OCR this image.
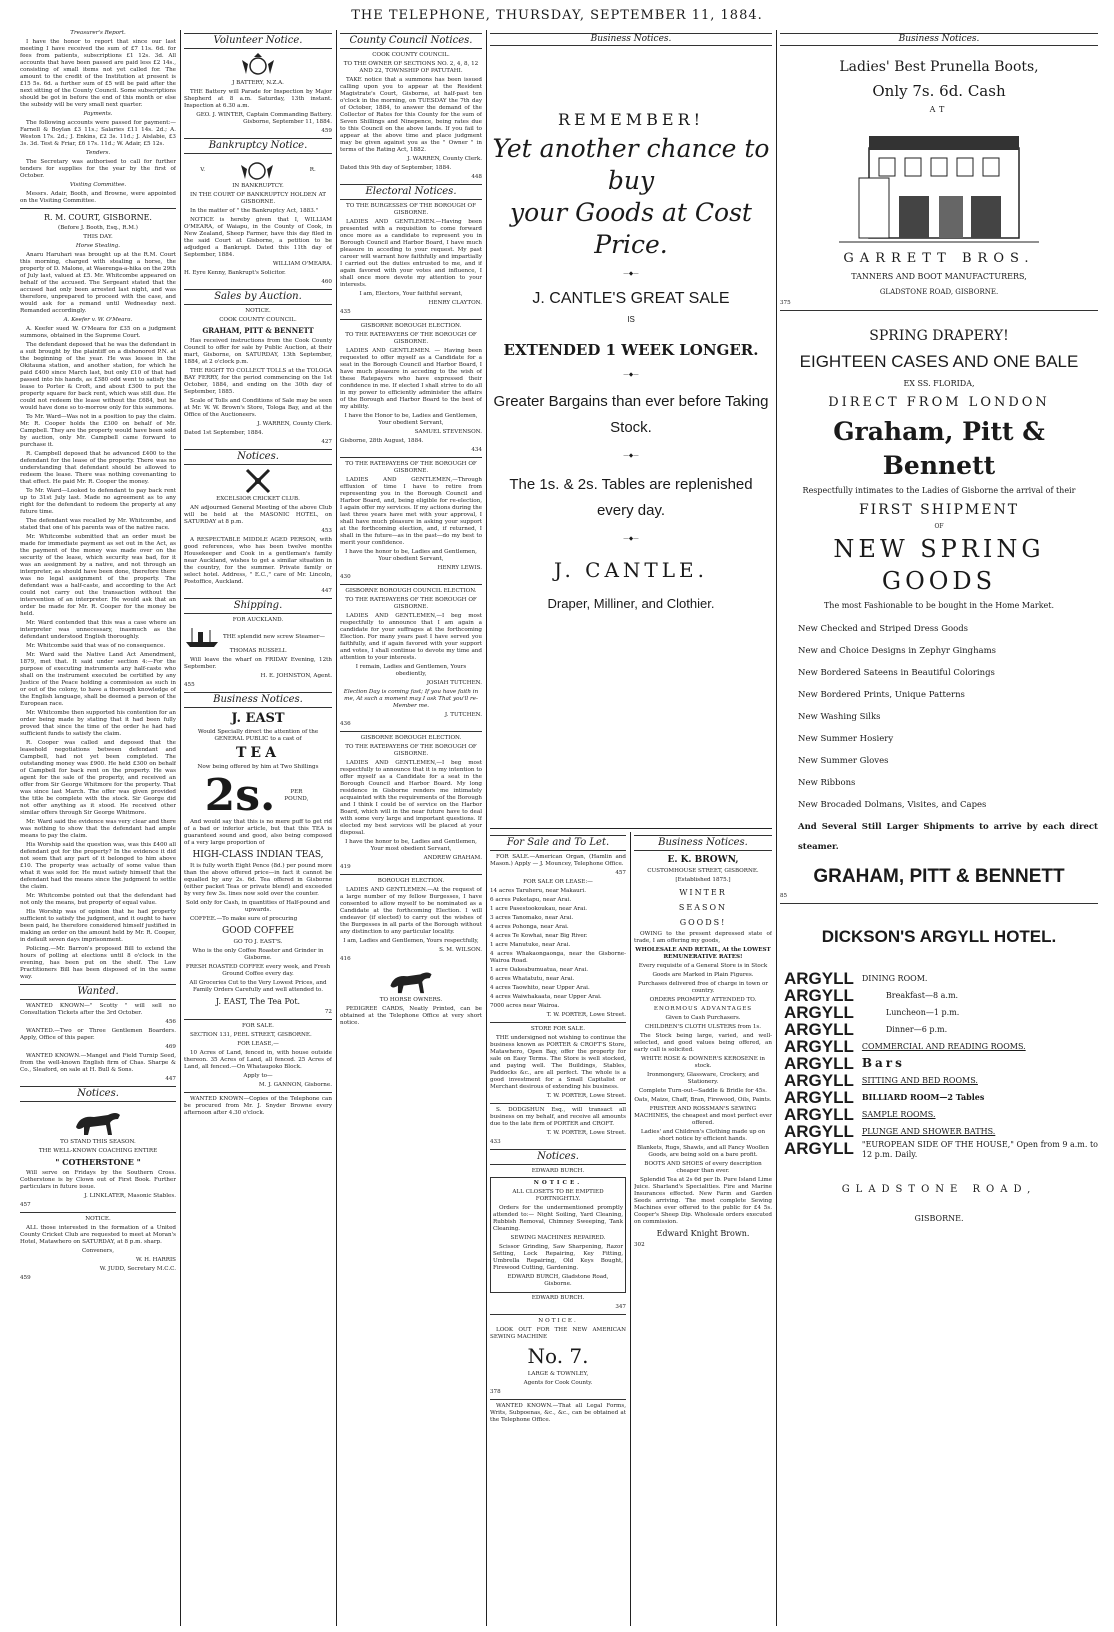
THE TELEPHONE, THURSDAY, SEPTEMBER 11, 1884.

Treasurer's Report.

I have the honor to report that since our last meeting I have received the sum of £7 11s. 6d. for fees from patients, subscriptions £1 12s. 3d. All accounts that have been passed are paid less £2 14s., consisting of small items not yet called for. The amount to the credit of the Institution at present is £15 5s. 6d. a further sum of £5 will be paid after the next sitting of the County Council. Some subscriptions should be got in before the end of this month or else the subsidy will be very small next quarter.

Payments.

The following accounts were passed for payment:—Farnell & Boylan £3 11s.; Salaries £11 14s. 2d.; A. Weston 17s. 2d.; J. Enkins, £2 3s. 11d.; J. Aislabie, £3 3s. 3d. Test & Friar, £6 17s. 11d.; W. Adair, £5 12s.

Tenders.

The Secretary was authorised to call for further tenders for supplies for the year by the first of October.

Visiting Committee.

Messrs. Adair, Booth, and Browne, were appointed on the Visiting Committee.

R. M. COURT, GISBORNE.

(Before J. Booth, Esq., R.M.)

THIS DAY.

Horse Stealing.

Anaru Haruhari was brought up at the R.M. Court this morning, charged with stealing a horse, the property of D. Malone, at Waerenga-a-hika on the 29th of July last, valued at £5. Mr. Whitcombe appeared on behalf of the accused. The Sergeant stated that the accused had only been arrested last night, and was therefore, unprepared to proceed with the case, and would ask for a remand until Wednesday next. Remanded accordingly.

A. Keefer v. W. O'Meara.

A. Keefer sued W. O'Meara for £35 on a judgment summons, obtained in the Supreme Court.

The defendant deposed that he was the defendant in a suit brought by the plaintiff on a dishonored P.N. at the beginning of the year. He was lessee in the Okitauna station, and another station, for which he paid £400 since March last, but only £10 of that had passed into his hands, as £380 odd went to satisfy the lease to Porter & Croft, and about £300 to put the property square for back rent, which was still due. He could not redeem the lease without the £684, but he would have done so to-morrow only for this summons.

To Mr. Ward—Was not in a position to pay the claim. Mr. R. Cooper holds the £300 on behalf of Mr. Campbell. They are the property would have been sold by auction, only Mr. Campbell came forward to purchase it.

R. Campbell deposed that he advanced £400 to the defendant for the lease of the property. There was no understanding that defendant should be allowed to redeem the lease. There was nothing covenanting to that effect. He paid Mr. R. Cooper the money.

To Mr. Ward—Looked to defendant to pay back rent up to 31st July last. Made no agreement as to any right for the defendant to redeem the property at any future time.

The defendant was recalled by Mr. Whitcombe, and stated that one of his parents was of the native race.

Mr. Whitcombe submitted that an order must be made for immediate payment as set out in the Act, as the payment of the money was made over on the security of the lease, which security was bad, for it was an assignment by a native, and not through an interpreter, as should have been done, therefore there was no legal assignment of the property. The defendant was a half-caste, and according to the Act could not carry out the transaction without the intervention of an interpreter. He would ask that an order be made for Mr. R. Cooper for the money be held.

Mr. Ward contended that this was a case where an interpreter was unnecessary, inasmuch as the defendant understood English thoroughly.

Mr. Whitcombe said that was of no consequence.

Mr. Ward said the Native Land Act Amendment, 1879, met that. It said under section 4:—For the purpose of executing instruments any half-caste who shall on the instrument executed be certified by any Justice of the Peace holding a commission as such in or out of the colony, to have a thorough knowledge of the English language, shall be deemed a person of the European race.

Mr. Whitcombe then supported his contention for an order being made by stating that it had been fully proved that since the time of the order he had had sufficient funds to satisfy the claim.

R. Cooper was called and deposed that the leasehold negotiations between defendant and Campbell, had not yet been completed. The outstanding money was £900. He held £300 on behalf of Campbell for back rent on the property. He was agent for the sale of the property, and received an offer from Sir George Whitmore for the property. That was since last March. The offer was given provided the title be complete with the stock. Sir George did not offer anything as it stood. He received other similar offers through Sir George Whitmore.

Mr. Ward said the evidence was very clear and there was nothing to show that the defendant had ample means to pay the claim.

His Worship said the question was, was this £400 all defendant got for the property? In the evidence it did not seem that any part of it belonged to him above £10. The property was actually of some value than what it was sold for. He must satisfy himself that the defendant had the means since the judgment to settle the claim.

Mr. Whitcombe pointed out that the defendant had not only the means, but property of equal value.

His Worship was of opinion that he had property sufficient to satisfy the judgment, and it ought to have been paid, he therefore considered himself justified in making an order on the amount held by Mr. R. Cooper, in default seven days imprisonment.

Policing.—Mr. Barron's proposed Bill to extend the hours of polling at elections until 8 o'clock in the evening, has been put on the shelf. The Law Practitioners Bill has been disposed of in the same way.

Wanted.

WANTED KNOWN—" Scotty " will sell no Consultation Tickets after the 3rd October.

456

WANTED.—Two or Three Gentlemen Boarders. Apply, Office of this paper.

469

WANTED KNOWN.—Mangel and Field Turnip Seed, from the well-known English firm of Chas. Sharpe & Co., Sleaford, on sale at H. Bull & Sons.

447

Notices.

TO STAND THIS SEASON.

THE WELL-KNOWN COACHING ENTIRE

" COTHERSTONE "

Will serve on Fridays by the Southern Cross. Cotherstone is by Clown out of First Book. Further particulars in future issue.

J. LINKLATER, Masonic Stables.

457

NOTICE.

ALL those interested in the formation of a United County Cricket Club are requested to meet at Moran's Hotel, Matawhero on SATURDAY, at 8 p.m. sharp.

Conveners,

W. H. HARRIS

W. JUDD, Secretary M.C.C.

459

Volunteer Notice.

J BATTERY, N.Z.A.

THE Battery will Parade for Inspection by Major Shepherd at 8 a.m. Saturday, 13th instant. Inspection at 6.30 a.m.

GEO. J. WINTER, Captain Commanding Battery. Gisborne, September 11, 1884.

459

Bankruptcy Notice.
V.	R.

IN BANKRUPTCY.

IN THE COURT OF BANKRUPTCY HOLDEN AT GISBORNE.

In the matter of " the Bankruptcy Act, 1883."

NOTICE is hereby given that I, WILLIAM O'MEARA, of Waiapu, in the County of Cook, in New Zealand, Sheep Farmer, have this day filed in the said Court at Gisborne, a petition to be adjudged a Bankrupt. Dated this 11th day of September, 1884.

WILLIAM O'MEARA.

H. Eyre Kenny, Bankrupt's Solicitor.

460

Sales by Auction.

NOTICE.

COOK COUNTY COUNCIL.

GRAHAM, PITT & BENNETT

Has received instructions from the Cook County Council to offer for sale by Public Auction, at their mart, Gisborne, on SATURDAY, 13th September, 1884, at 2 o'clock p.m.

THE RIGHT TO COLLECT TOLLS at the TOLOGA BAY FERRY, for the period commencing on the 1st October, 1884, and ending on the 30th day of September, 1885.

Scale of Tolls and Conditions of Sale may be seen at Mr. W. W. Brown's Store, Tologa Bay, and at the Office of the Auctioneers.

J. WARREN, County Clerk.

Dated 1st September, 1884.

427

Notices.

EXCELSIOR CRICKET CLUB.

AN adjourned General Meeting of the above Club will be held at the MASONIC HOTEL, on SATURDAY at 8 p.m.

453

A RESPECTABLE MIDDLE AGED PERSON, with good references, who has been twelve months Housekeeper and Cook in a gentleman's family near Auckland, wishes to get a similar situation in the country, for the summer. Private family or select hotel. Address, " E.C.," care of Mr. Lincoln, Postoffice, Auckland.

447

Shipping.

FOR AUCKLAND.

THE splendid new screw Steamer—

THOMAS RUSSELL

Will leave the wharf on FRIDAY Evening, 12th September.

H. E. JOHNSTON, Agent.

455

Business Notices.

J. EAST

Would Specially direct the attention of the GENERAL PUBLIC to a cast of

TEA

Now being offered by him at Two Shillings

2s.	PER POUND,

And would say that this is no mere puff to get rid of a bad or inferior article, but that this TEA is guaranteed sound and good, also being composed of a very large proportion of

HIGH-CLASS INDIAN TEAS,

It is fully worth Eight Pence (8d.) per pound more than the above offered price—in fact it cannot be equalled by any 2s. 6d. Tea offered in Gisborne (either packet Teas or private blend) and exceeded by very few 3s. lines now sold over the counter.

Sold only for Cash, in quantities of Half-pound and upwards.

COFFEE.—To make sure of procuring

GOOD COFFEE

GO TO J. EAST'S.

Who is the only Coffee Roaster and Grinder in Gisborne.

FRESH ROASTED COFFEE every week, and Fresh Ground Coffee every day.

All Groceries Cut to the Very Lowest Prices, and Family Orders Carefully and well attended to.

J. EAST, The Tea Pot.

72

FOR SALE.

SECTION 131, PEEL STREET, GISBORNE.

FOR LEASE,—

10 Acres of Land, fenced in, with house outside thereon. 35 Acres of Land, all fenced. 25 Acres of Land, all fenced.—On Whataupoko Block.

Apply to—

M. J. GANNON, Gisborne.

WANTED KNOWN—Copies of the Telephone can be procured from Mr. J. Snyder Browne every afternoon after 4.30 o'clock.

County Council Notices.

COOK COUNTY COUNCIL.

TO THE OWNER OF SECTIONS NO. 2, 4, 8, 12 AND 22, TOWNSHIP OF PATUTAHI.

TAKE notice that a summons has been issued calling upon you to appear at the Resident Magistrate's Court, Gisborne, at half-past ten o'clock in the morning, on TUESDAY the 7th day of October, 1884, to answer the demand of the Collector of Rates for this County for the sum of Seven Shillings and Ninepence, being rates due to this Council on the above lands. If you fail to appear at the above time and place judgment may be given against you as the " Owner " in terms of the Rating Act, 1882.

J. WARREN, County Clerk.

Dated this 9th day of September, 1884.

448

Electoral Notices.

TO THE BURGESSES OF THE BOROUGH OF GISBORNE.

LADIES AND GENTLEMEN.—Having been presented with a requisition to come forward once more as a candidate to represent you in Borough Council and Harbor Board, I have much pleasure in acceding to your request. My past career will warrant how faithfully and impartially I carried out the duties entrusted to me, and if again favored with your votes and influence, I shall once more devote my attention to your interests.

I am, Electors, Your faithful servant,

HENRY CLAYTON.

435

GISBORNE BOROUGH ELECTION.

TO THE RATEPAYERS OF THE BOROUGH OF GISBORNE.

LADIES AND GENTLEMEN. — Having been requested to offer myself as a Candidate for a seat in the Borough Council and Harbor Board, I have much pleasure in acceding to the wish of these Ratepayers who have expressed their confidence in me. If elected I shall strive to do all in my power to efficiently administer the affairs of the Borough and Harbor Board to the best of my ability.

I have the Honor to be, Ladies and Gentlemen, Your obedient Servant,

SAMUEL STEVENSON.

Gisborne, 28th August, 1884.

434

TO THE RATEPAYERS OF THE BOROUGH OF GISBORNE.

LADIES AND GENTLEMEN,—Through effluxion of time I have to retire from representing you in the Borough Council and Harbor Board, and, being eligible for re-election, I again offer my services. If my actions during the last three years have met with your approval, I shall have much pleasure in asking your support at the forthcoming election, and, if returned, I shall in the future—as in the past—do my best to merit your confidence.

I have the honor to be, Ladies and Gentlemen, Your obedient Servant,

HENRY LEWIS.

430

GISBORNE BOROUGH COUNCIL ELECTION.

TO THE RATEPAYERS OF THE BOROUGH OF GISBORNE.

LADIES AND GENTLEMEN,—I beg most respectfully to announce that I am again a candidate for your suffrages at the forthcoming Election. For many years past I have served you faithfully, and if again favored with your support and votes, I shall continue to devote my time and attention to your interests.

I remain, Ladies and Gentlemen, Yours obediently,

JOSIAH TUTCHEN.

Election Day is coming fast; If you have faith in me, At such a moment may I ask That you'll re-Member me.

J. TUTCHEN.

436

GISBORNE BOROUGH ELECTION.

TO THE RATEPAYERS OF THE BOROUGH OF GISBORNE.

LADIES AND GENTLEMEN,—I beg most respectfully to announce that it is my intention to offer myself as a Candidate for a seat in the Borough Council and Harbor Board. My long residence in Gisborne renders me intimately acquainted with the requirements of the Borough and I think I could be of service on the Harbor Board, which will in the near future have to deal with some very large and important questions. If elected my best services will be placed at your disposal.

I have the honor to be, Ladies and Gentlemen, Your most obedient Servant,

ANDREW GRAHAM.

419

BOROUGH ELECTION.

LADIES AND GENTLEMEN.—At the request of a large number of my fellow Burgesses, I have consented to allow myself to be nominated as a Candidate at the forthcoming Election. I will endeavor (if elected) to carry out the wishes of the Burgesses in all parts of the Borough without any distinction to any particular locality.

I am, Ladies and Gentlemen, Yours respectfully,

S. M. WILSON.

416

TO HORSE OWNERS.

PEDIGREE CARDS, Neatly Printed, can be obtained at the Telephone Office at very short notice.

Business Notices.
REMEMBER!
Yet another chance to buy
your Goods at Cost Price.
—◆—
J. CANTLE'S GREAT SALE
IS
EXTENDED 1 WEEK LONGER.
—◆—
Greater Bargains than ever before Taking Stock.
—◆—
The 1s. & 2s. Tables are replenished every day.
—◆—
J. CANTLE.
Draper, Milliner, and Clothier.
For Sale and To Let.

FOR SALE.—American Organ, (Hamlin and Mason.) Apply — J. Mouncey, Telephone Office.

457

FOR SALE OR LEASE:—

14 acres Taruheru, near Makauri.

6 acres Puketapu, near Arai.

1 acre Pasestookoukau, near Arai.

3 acres Tanomako, near Arai.

4 acres Pohonga, near Arai.

4 acres Te Kowhai, near Big River.

1 acre Manutuke, near Arai.

4 acres Whakaongaonga, near the Gisborne-Wairoa Road.

1 acre Oakeabumuatua, near Arai.

6 acres Whatatutu, near Arai.

4 acres Taowhito, near Upper Arai.

4 acres Waiwhakaata, near Upper Arai.

7000 acres near Wairoa.

T. W. PORTER, Lowe Street.

STORE FOR SALE.

THE undersigned not wishing to continue the business known as PORTER & CROFT'S Store, Matawhero, Open Bay, offer the property for sale on Easy Terms. The Store is well stocked, and paying well. The Buildings, Stables, Paddocks &c., are all perfect. The whole is a good investment for a Small Capitalist or Merchant desirous of extending his business.

T. W. PORTER, Lowe Street.

S. DODGSHUN Esq., will transact all business on my behalf, and receive all amounts due to the late firm of PORTER and CROFT.

T. W. PORTER, Lowe Street.

433

Notices.

EDWARD BURCH.

NOTICE.

ALL CLOSETS TO BE EMPTIED FORTNIGHTLY.

Orders for the undermentioned promptly attended to:— Night Soiling, Yard Cleaning, Rubbish Removal, Chimney Sweeping, Tank Cleaning.

SEWING MACHINES REPAIRED.

Scissor Grinding, Saw Sharpening, Razor Setting, Lock Repairing, Key Fitting, Umbrella Repairing, Old Keys Bought, Firewood Cutting, Gardening.

EDWARD BURCH, Gladstone Road, Gisborne.

EDWARD BURCH.

347

NOTICE.

LOOK OUT FOR THE NEW AMERICAN SEWING MACHINE

No. 7.

LARGE & TOWNLEY,

Agents for Cook County.

378

WANTED KNOWN.—That all Legal Forms, Writs, Subpoenas, &c., &c., can be obtained at the Telephone Office.

Business Notices.

E. K. BROWN,

CUSTOMHOUSE STREET, GISBORNE.

[Established 1875.]

WINTER

SEASON

GOODS!

OWING to the present depressed state of trade, I am offering my goods,

WHOLESALE AND RETAIL, At the LOWEST REMUNERATIVE RATES!

Every requisite of a General Store is in Stock

Goods are Marked in Plain Figures.

Purchases delivered free of charge in town or country.

ORDERS PROMPTLY ATTENDED TO.

ENORMOUS ADVANTAGES

Given to Cash Purchasers.

CHILDREN'S CLOTH ULSTERS from 1s.

The Stock being large, varied, and well-selected, and good values being offered, an early call is solicited.

WHITE ROSE & DOWNER'S KEROSENE in stock.

Ironmongery, Glassware, Crockery, and Stationery.

Complete Turn-out—Saddle & Bridle for 45s.

Oats, Maize, Chaff, Bran, Firewood, Oils, Paints.

FRISTER AND ROSSMAN'S SEWING MACHINES, the cheapest and most perfect ever offered.

Ladies' and Children's Clothing made up on short notice by efficient hands.

Blankets, Rugs, Shawls, and all Fancy Woollen Goods, are being sold on a bare profit.

BOOTS AND SHOES of every description cheaper than ever.

Splendid Tea at 2s 6d per lb. Pure Island Lime Juice. Sharland's Specialities. Fire and Marine Insurances effected. New Farm and Garden Seeds arriving. The most complete Sewing Machines ever offered to the public for £4 5s. Cooper's Sheep Dip. Wholesale orders executed on commission.

Edward Knight Brown.

302

Business Notices.

Ladies' Best Prunella Boots,

Only 7s. 6d. Cash

AT

GARRETT BROS.

TANNERS AND BOOT MANUFACTURERS,

GLADSTONE ROAD, GISBORNE.

375

SPRING DRAPERY!

EIGHTEEN CASES AND ONE BALE

EX SS. FLORIDA,

DIRECT FROM LONDON

Graham, Pitt & Bennett

Respectfully intimates to the Ladies of Gisborne the arrival of their

FIRST SHIPMENT

OF

NEW SPRING GOODS

The most Fashionable to be bought in the Home Market.

New Checked and Striped Dress Goods

New and Choice Designs in Zephyr Ginghams

New Bordered Sateens in Beautiful Colorings

New Bordered Prints, Unique Patterns

New Washing Silks

New Summer Hosiery

New Summer Gloves

New Ribbons

New Brocaded Dolmans, Visites, and Capes

And Several Still Larger Shipments to arrive by each direct steamer.

GRAHAM, PITT & BENNETT

85

DICKSON'S ARGYLL HOTEL.

ARGYLL
ARGYLL
ARGYLL
ARGYLL
ARGYLL
ARGYLL
ARGYLL
ARGYLL
ARGYLL
ARGYLL
ARGYLL
DINING ROOM.
Breakfast—8 a.m.
Luncheon—1 p.m.
Dinner—6 p.m.
COMMERCIAL AND READING ROOMS.
Bars
SITTING AND BED ROOMS.
BILLIARD ROOM—2 Tables
SAMPLE ROOMS.
PLUNGE AND SHOWER BATHS.
"EUROPEAN SIDE OF THE HOUSE," Open from 9 a.m. to 12 p.m. Daily.

GLADSTONE ROAD,

GISBORNE.
